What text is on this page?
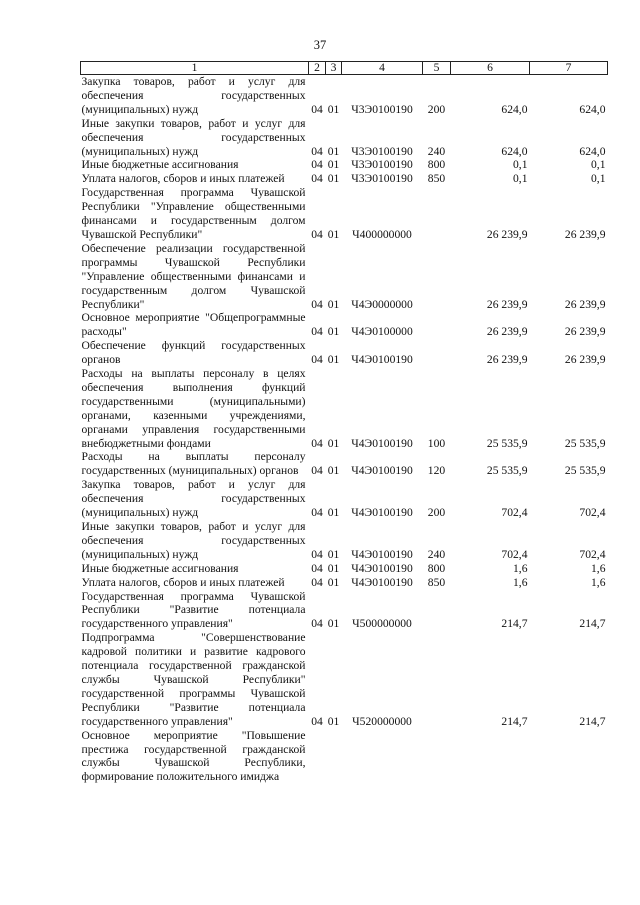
37
1	2	3	4	5	6	7
Закупка товаров, работ и услуг для обеспечения государственных (муниципальных) нужд	04	01	Ч3Э0100190	200	624,0	624,0
Иные закупки товаров, работ и услуг для обеспечения государственных (муниципальных) нужд	04	01	Ч3Э0100190	240	624,0	624,0
Иные бюджетные ассигнования	04	01	Ч3Э0100190	800	0,1	0,1
Уплата налогов, сборов и иных платежей	04	01	Ч3Э0100190	850	0,1	0,1
Государственная программа Чувашской Республики "Управление общественными финансами и государственным долгом Чувашской Республики"	04	01	Ч400000000		26 239,9	26 239,9
Обеспечение реализации государственной программы Чувашской Республики "Управление общественными финансами и государственным долгом Чувашской Республики"	04	01	Ч4Э0000000		26 239,9	26 239,9
Основное мероприятие "Общепрограммные расходы"	04	01	Ч4Э0100000		26 239,9	26 239,9
Обеспечение функций государственных органов	04	01	Ч4Э0100190		26 239,9	26 239,9
Расходы на выплаты персоналу в целях обеспечения выполнения функций государственными (муниципальными) органами, казенными учреждениями, органами управления государственными внебюджетными фондами	04	01	Ч4Э0100190	100	25 535,9	25 535,9
Расходы на выплаты персоналу государственных (муниципальных) органов	04	01	Ч4Э0100190	120	25 535,9	25 535,9
Закупка товаров, работ и услуг для обеспечения государственных (муниципальных) нужд	04	01	Ч4Э0100190	200	702,4	702,4
Иные закупки товаров, работ и услуг для обеспечения государственных (муниципальных) нужд	04	01	Ч4Э0100190	240	702,4	702,4
Иные бюджетные ассигнования	04	01	Ч4Э0100190	800	1,6	1,6
Уплата налогов, сборов и иных платежей	04	01	Ч4Э0100190	850	1,6	1,6
Государственная программа Чувашской Республики "Развитие потенциала государственного управления"	04	01	Ч500000000		214,7	214,7
Подпрограмма "Совершенствование кадровой политики и развитие кадрового потенциала государственной гражданской службы Чувашской Республики" государственной программы Чувашской Республики "Развитие потенциала государственного управления"	04	01	Ч520000000		214,7	214,7
Основное мероприятие "Повышение престижа государственной гражданской службы Чувашской Республики, формирование положительного имиджа						
